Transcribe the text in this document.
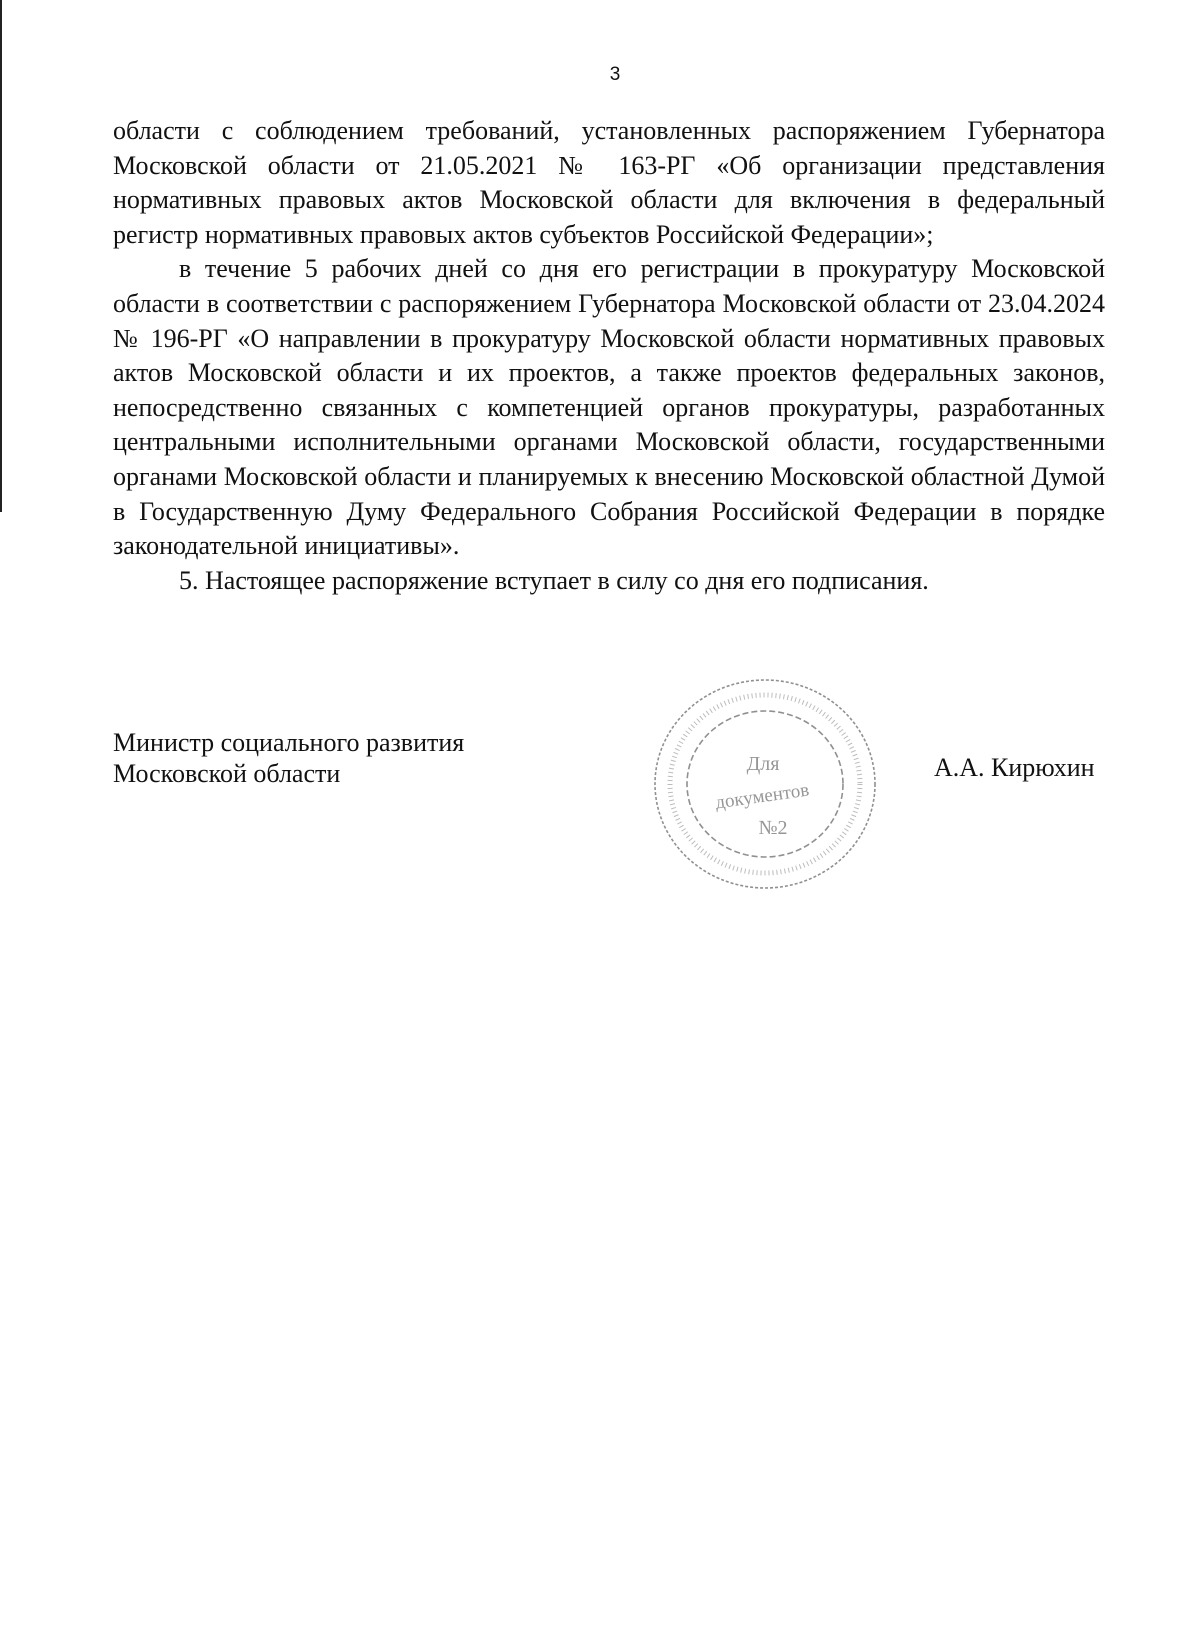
3

области с соблюдением требований, установленных распоряжением Губернатора Московской области от 21.05.2021 № 163-РГ «Об организации представления нормативных правовых актов Московской области для включения в федеральный регистр нормативных правовых актов субъектов Российской Федерации»;

в течение 5 рабочих дней со дня его регистрации в прокуратуру Московской области в соответствии с распоряжением Губернатора Московской области от 23.04.2024 № 196-РГ «О направлении в прокуратуру Московской области нормативных правовых актов Московской области и их проектов, а также проектов федеральных законов, непосредственно связанных с компетенцией органов прокуратуры, разработанных центральными исполнительными органами Московской области, государственными органами Московской области и планируемых к внесению Московской областной Думой в Государственную Думу Федерального Собрания Российской Федерации в порядке законодательной инициативы».

5. Настоящее распоряжение вступает в силу со дня его подписания.

Министр социального развития
Московской области	А.А. Кирюхин
Для
документов
№2
